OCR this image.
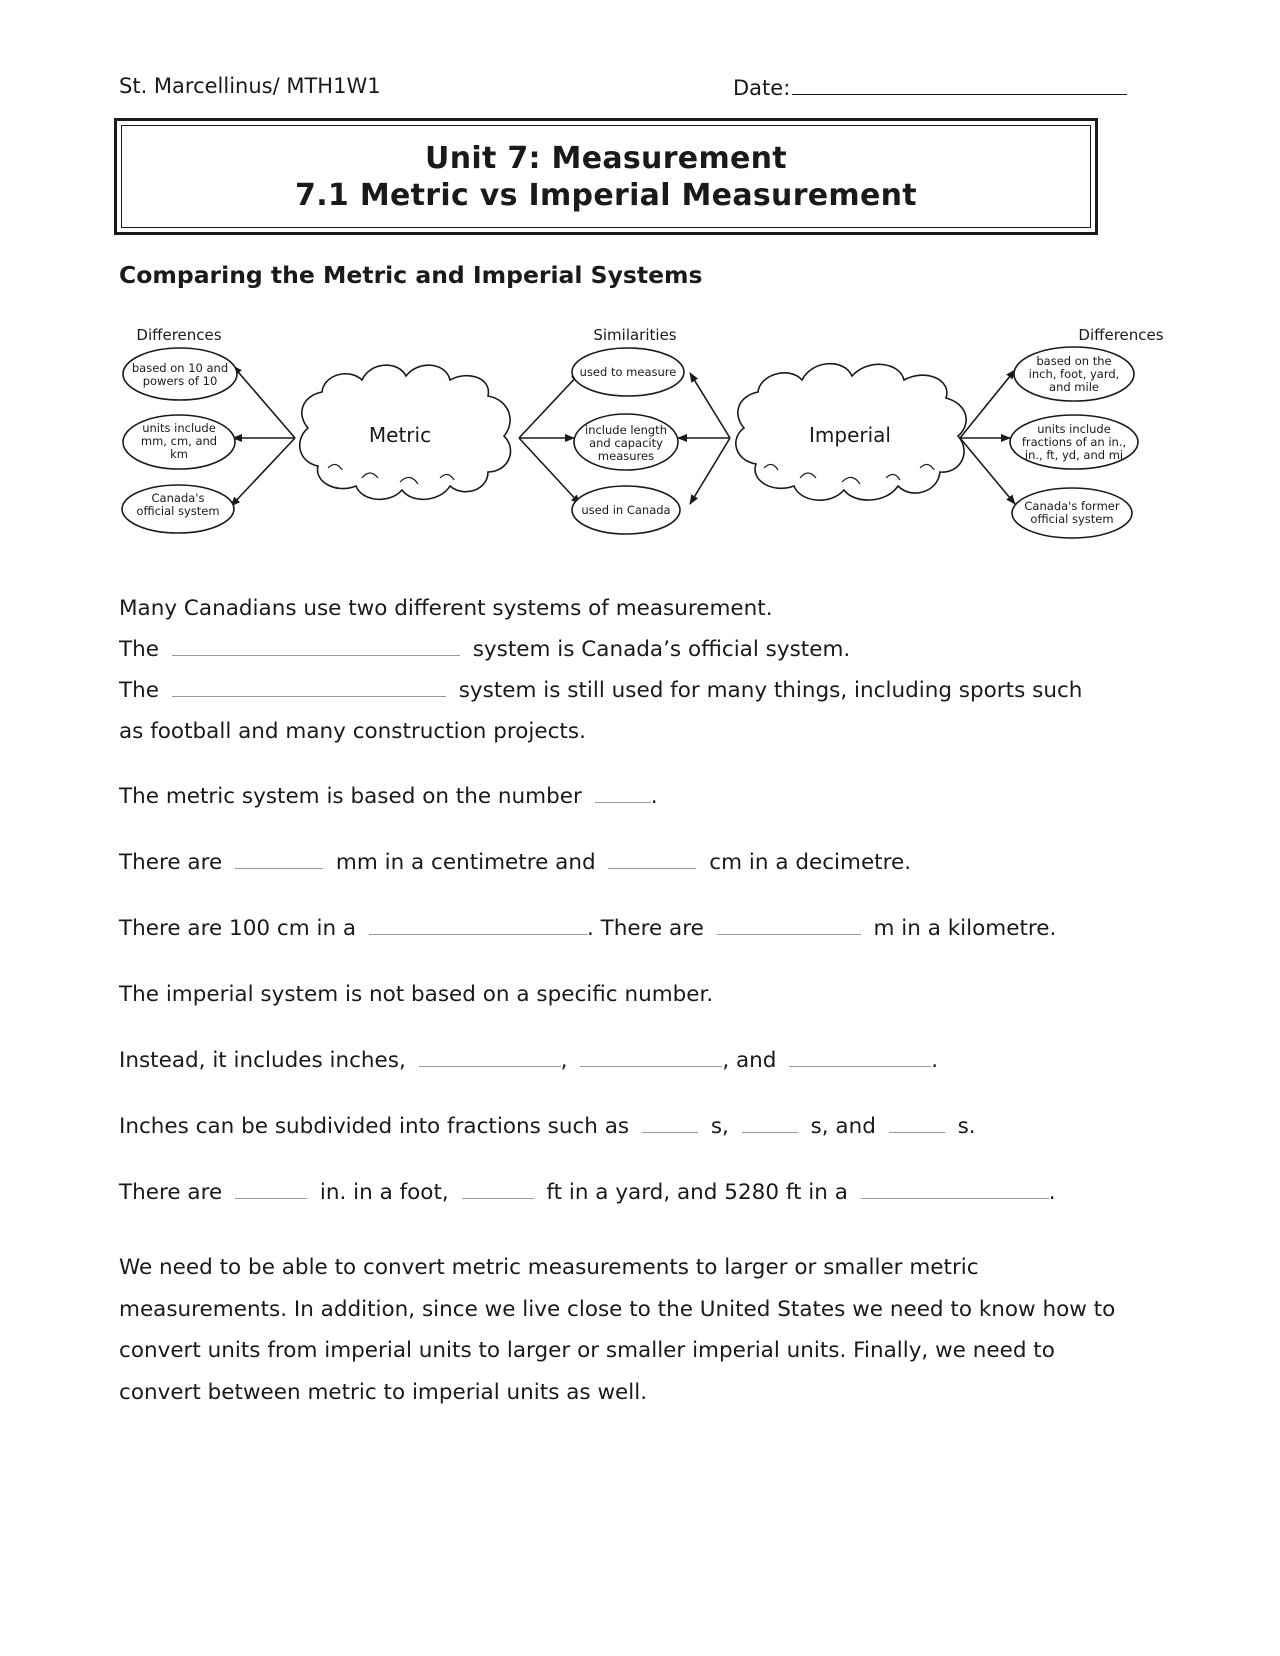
St. Marcellinus/ MTH1W1	Date:
Unit 7: Measurement
7.1 Metric vs Imperial Measurement
Comparing the Metric and Imperial Systems
Differences	Similarities	Differences
Metric	Imperial
based on 10 and
powers of 10
units include
mm, cm, and
km
Canada's
official system
used to measure
include length
and capacity
measures
used in Canada
based on the
inch, foot, yard,
and mile
units include
fractions of an in.,
in., ft, yd, and mi
Canada's former
official system
Many Canadians use two different systems of measurement.
The	system is Canada’s official system.
The	system is still used for many things, including sports such
as football and many construction projects.
The metric system is based on the number	.
There are	mm in a centimetre and	cm in a decimetre.
There are 100 cm in a	. There are	m in a kilometre.
The imperial system is not based on a specific number.
Instead, it includes inches,	,	, and	.
Inches can be subdivided into fractions such as	s,	s, and	s.
There are	in. in a foot,	ft in a yard, and 5280 ft in a	.
We need to be able to convert metric measurements to larger or smaller metric measurements. In addition, since we live close to the United States we need to know how to convert units from imperial units to larger or smaller imperial units. Finally, we need to convert between metric to imperial units as well.
